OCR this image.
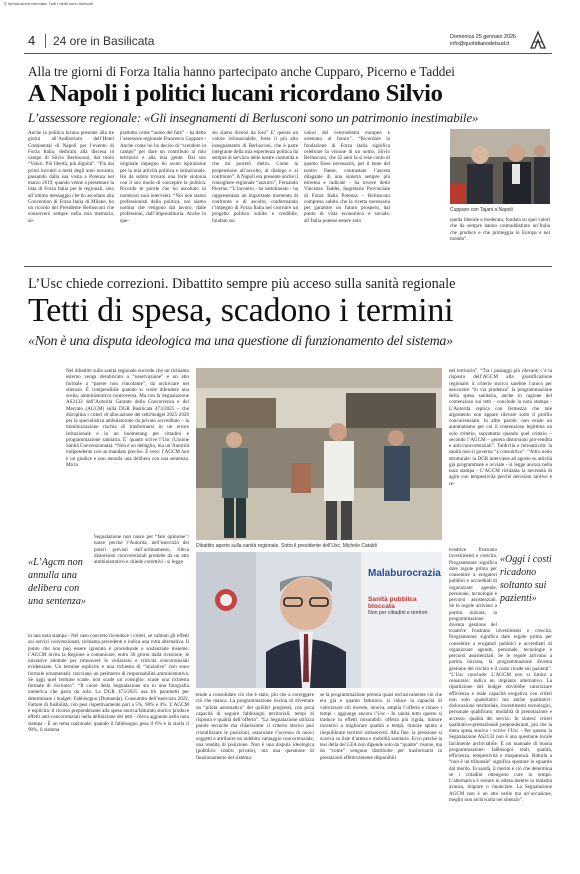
© riproduzione riservata. Tutti i diritti sono riservati
4 24 ore in Basilicata	Domenica 25 gennaio 2026
info@quotidianodelsud.it
Alla tre giorni di Forza Italia hanno partecipato anche Cupparo, Picerno e Taddei
A Napoli i politici lucani ricordano Silvio
L’assessore regionale: «Gli insegnamenti di Berlusconi sono un patrimonio inestimabile»
Anche la politica lucana presente alla tre giorni all’Auditorium dell’Hotel Continental di Napoli per l’evento di Forza Italia, dedicato alla discesa in campo di Silvio Berlusconi, dal titolo “Valori. Più libertà, più dignità”. “Fin dai primi incontri a metà degli anni novanta, passando dalla sua visita a Potenza nel marzo 2019, quando venne a presentare la lista di Forza Italia per le regionali, sino all’ultimo messaggio che ho ascoltato alla Convention di Forza Italia di Milano, ho un ricordo del Presidente Berlusconi che conserverò sempre nella mia memoria, so-
prattutto come “uomo del fare” – ha detto l’assessore regionale Francesco Cupparo - Anche come lui ho deciso di “scendere in campo” per dare un contributo al mio territorio e alla mia gente. Dal suo originale impegno ho avuto ispirazione per la mia attività politica e istituzionale. Ho da subito trovato una forte sintonia con il suo modo di concepire la politica. Ricordo le parole che ho ascoltato in numerosi suoi interventi: “Noi non siamo professionisti della politica, noi siamo uomini che vengono dal lavoro, dalle professioni, dall’imprenditoria. Anche io que-
sto siamo diversi da loro” E’ questo un valore irrinunciabile, forse il più alto insegnamento di Berlusconi, che è parte integrante della mia esperienza politica da sempre al servizio delle nostre comunità e che mi porterò dietro. Come la propensione all’ascolto, al dialogo e al confronto”. A Napoli era presente anche il consigliere regionale “azzurro”, Fernando Picerno. “L’incontro - ha sottolineato - ha rappresentato un importante momento di confronto e di ascolto, confermando l’impegno di Forza Italia nel costruire un progetto politico solido e credibile, fondato sui
valori del centrodestra europeo e orientato al futuro”. “Ricordare la fondazione di Forza Italia significa celebrare la visione di un uomo, Silvio Berlusconi, che 32 anni fa si rese conto di quanto fosse necessario, per il bene del nostro Paese, contrastare l’ascesa dilagante di una sinistra sempre più estrema e radicale - ha invece detto Vincenzo Taddei, Segretario Provinciale di Forza Italia Potenza – Berlusconi compreso subito che la ricetta necessaria per garantire un futuro prospero, dal punto di vista economico e sociale, all’Italia potesse essere solo
Cupparo con Tajani a Napoli
quella liberale e moderata, fondata su quei valori che da sempre hanno contraddistinto un’Italia che produce e che primeggia in Europa e nel mondo”.
L’Usc chiede correzioni. Dibattito sempre più acceso sulla sanità regionale
Tetti di spesa, scadono i termini
«Non è una disputa ideologica ma una questione di funzionamento del sistema»
Nel dibattito sulla sanità regionale succede che un richiamo esterno venga derubricato a “osservazione” e un atto formale a “parere non vincolante”, da archiviare nel silenzio. È compensibile quando si vuole difendere una scelta, amministrativa controversa. Ma con la Segnalazione AS2133 dell’Autorità Garante della Concorrenza e del Mercato (AGCM) sulla DGR Basilicata 473/2025 – che disciplina i criteri di allocazione dei tetti/budget 2025-2026 per la specialistica ambulatoriale da privato accreditato – la minimizzazione rischia di trasformarsi in un errore istituzionale e in un boomerang per cittadini e programmazione sanitaria. E’ quanto scrive l’Usc (Unione Sanità Convenzionata). “Non è un dettaglio, ma un’Autorità indipendente con un mandato preciso. È vero: l’AGCM non è un giudice e non annulla una delibera con una sentenza. Ma la
«L’Agcm non annulla una delibera con una sentenza»
Segnalazione non nasce per “fare opinione”: nasce perché l’Autorità, nell’esercizio dei poteri previsti dall’ordinamento, rileva distorsioni concorrenziali prodotte da un atto amministrativo e chiede correttivi - si legge
in una nota stampa - Nel caso concreto riconduce i criteri, se valutati gli effetti sui servizi convenzionati, richiama precedenti e indica una rotta alternativa. Il punto che non può essere ignorato è procedurale e sostanziale insieme: l’AGCM invita la Regione a comunicare, entro 30 giorni dalla ricezione, le iniziative adottate per rimuovere le violazioni e criticità concorrenziali evidenziate. Un termine esplicito e una richiesta di “iniziative” non sono formule ornamentali: tracciano un perimetro di responsabilità amministrativa. Se oggi quel termine scade, non scade un consiglio: scade una richiesta formale di riscontro”. “Il cuore della Segnalazione sta in una fotografia numerica che parla da sola. La DGR 473/2025 usa tre parametri per determinare i budget: Fabbisogno (Domanda), Consumito dell’esercizio 2022, Fattore di fusibilità, con pesi rispettivamente pari a 5%, 90% e 4%. L’AGCM è esplicita: il ricorso preponderante alla spesa storica/fatturato storico produce effetti anti-concorrenziali nella definizione dei tetti - rileva aggiunte nella nota stampa - È un tema nazionale: quando il fabbisogno pesa il 6% e la storia il 90%, il sistema
Dibattito aperto sulla sanità regionale. Sotto il presidente dell’Usc, Michele Cataldi
Malaburocrazia
Sanità pubblica bloccata
Non per cittadini e territori
tende a consolidare ciò che è stato, più che a correggere ciò che manca. La programmazione rischia di diventare un “pilota automatico” dei quilibri pregressi, con poca capacità di seguire fabbisogni territoriali, tempi di risposta e qualità dell’offerta”. “La Segnalazione utilizza parole tecniche ma chiarissime: il criterio storico può cristallizzare le posizioni, ostacolare l’accesso di nuovi soggetti e attribuire un indebito vantaggio concorrenziale, una rendita di posizione. Non è una disputa ideologica (pubblico contro privato), ma una questione di funzionamento del sistema:
se la programmazione premia quasi esclusivamente ciò che era già e quanto fatturava, si riduce la capacità di valorizzare chi investe, innova, amplia l’offerta e riduce i tempi - aggiunge ancora l’Usc - In sanità tutto questo si traduce in effetti misurabili: offerta più rigida, minore incentivi a migliorare qualità e tempi, minore spinta a riequilibrare territori sottoserviti. Alla fine, la pressione si scarica su liste d’attesa e mobilità sanitaria. Ecco perché la tesi della del LEA non dipende solo da “quante” risorse, ma da “come” vengono distribuite per trasformarsi in prestazioni effettivamente disponibili
nel territorio”. “Tra i passaggi più rilevanti c’è la risposta dell’AGCM alla giustificazione regionale: il criterio storico sarebbe l’unico per assicurare “in via prudenza” la programmazione della spesa sanitaria, anche in ragione del contenzioso sui tetti - conclude la nota stampa - L’Autorità replica con fermezza che tale argomento non appare rilevare sotto il profilo concorrenziale. In altre parole: non esiste un automatismo per cui il contenzioso legittima un solo criterio, soprattutto quando quel criterio – secondo l’AGCM – genera distorsioni pro-rendita e anti-concorrenziali”. Tardività e retroattività: la sanità non si governa “a consuntivo”. “Altro nodo strutturale: la DGR interviene ad agosto su attività già programmate e avviate - si legge ancora nella nota stampa - L’AGCM richiama la necessità di agire con tempestività perché decisioni tardive e re-
«Oggi i costi ricadono soltanto sui pazienti»
troattive frustrano investimenti e crescita. Programmare significa dare regole prima per consentire a erogatori pubblici e accreditati di organizzare agende, personale, tecnologie e percorsi assistenziali. Se le regole arrivano a partita iniziata, la programmazione diventa gestione del
troattive frustrano investimenti e crescita. Programmare significa dare regole prima per consentire a erogatori pubblici e accreditati di organizzare agende, personale, tecnologie e percorsi assistenziali. Se le regole arrivano a partita iniziata, la programmazione diventa gestione del rischio e il costo ricade sui pazienti”. “L’Usc conclude: L’AGCM non si limita a censurare: indica un impianto alternativo. La ripartizione dei budget dovrebbe valorizzare efficienza e reale capacità erogativa con criteri non solo quantitativi ma anche qualitativi: dislocazione territoriale, investimenti tecnologici, personale qualificato, modalità di prenotazione e accesso, qualità dei servizi. In sintesi: criteri qualitativo-prestazionali preponderanti, più che la mera spesa storica - scrive l’Usc - Per questo la Segnalazione AS2133 non è una questione locale facilmente archiviabile. È un manuale di buona programmazione: fabbisogni reali, qualità, efficienza, tempestività e trasparenza. Ridurla a “non è un tribunale” significa spostare lo sguardo dal merito. In sanità, il merito è ciò che determina se i cittadini ottengono cure in tempo. L’alternativa è restare in attesa mentre la malattia avanza, migrare o rinunciare. La Segnalazione AGCM non è un atto ostile ma un’occasione, meglio non archiviarla nel silenzio”.
